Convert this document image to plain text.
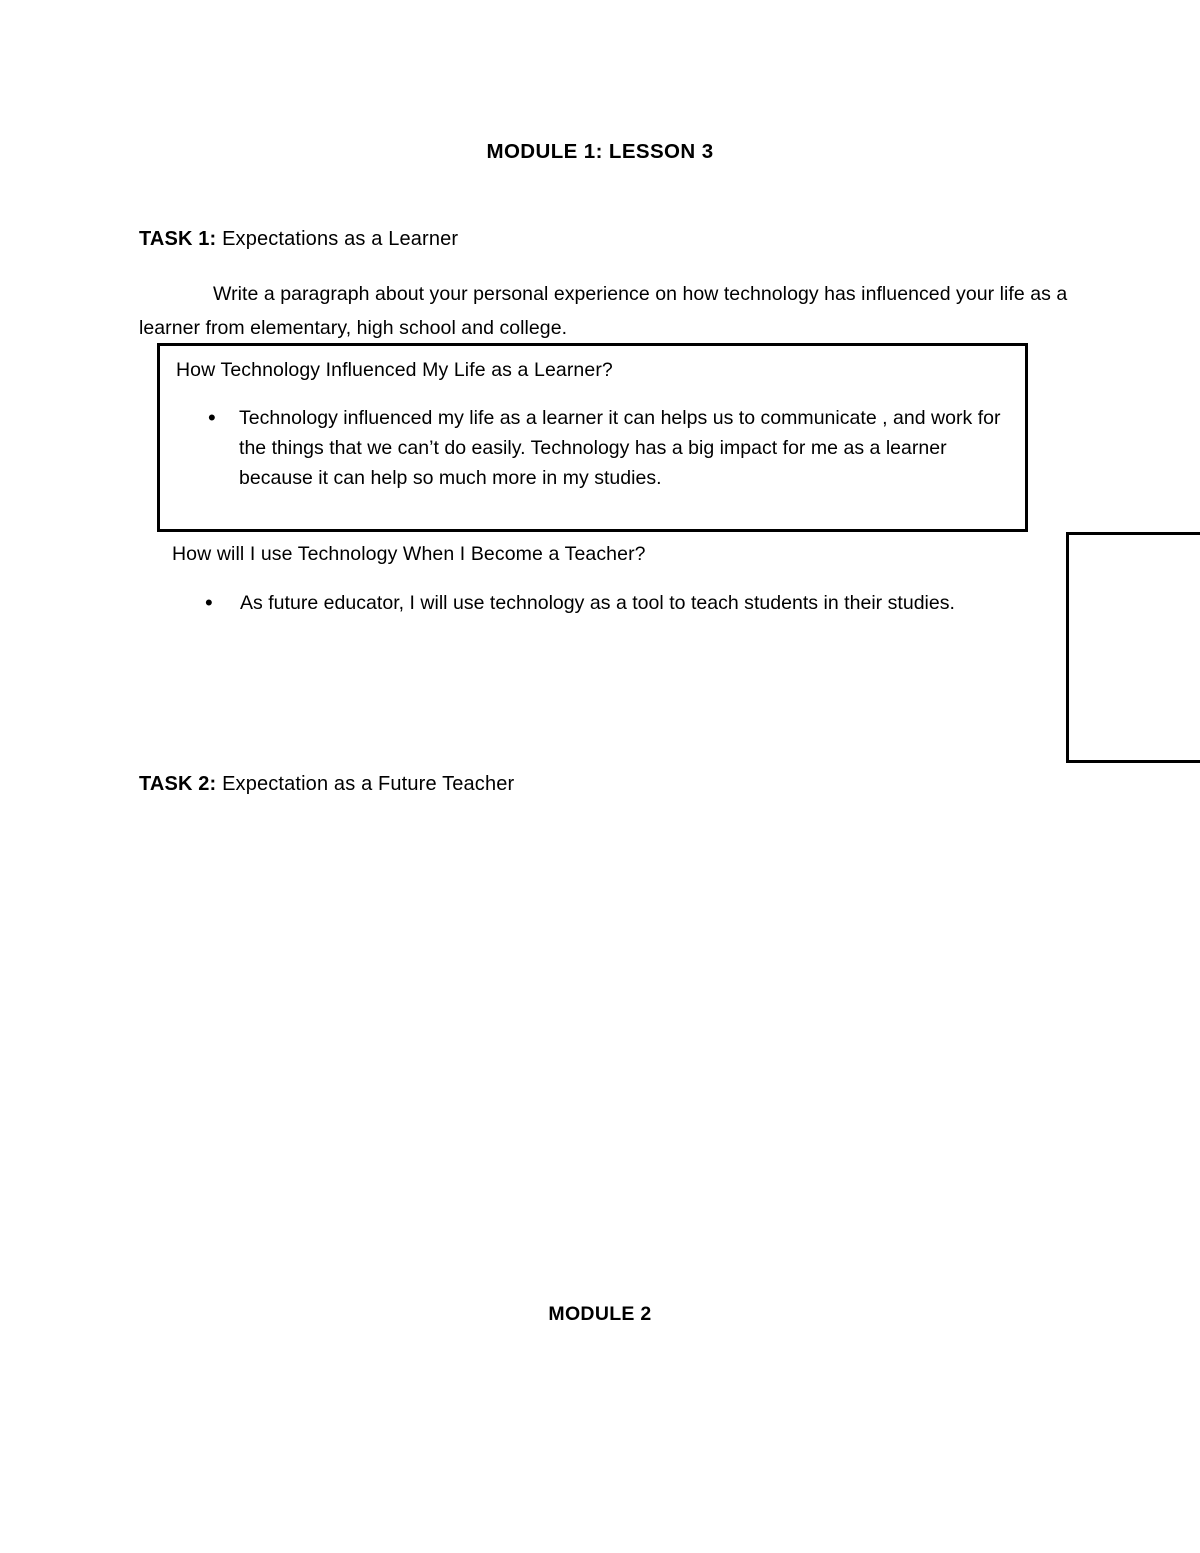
MODULE 1: LESSON 3
TASK 1: Expectations as a Learner
Write a paragraph about your personal experience on how technology has influenced your life as a learner from elementary, high school and college.
How Technology Influenced My Life as a Learner?
•	Technology influenced my life as a learner it can helps us to communicate , and work for the things that we can’t do easily. Technology has a big impact for me as a learner because it can help so much more in my studies.
How will I use Technology When I Become a Teacher?
•	As future educator, I will use technology as a tool to teach students in their studies.
TASK 2: Expectation as a Future Teacher
MODULE 2
